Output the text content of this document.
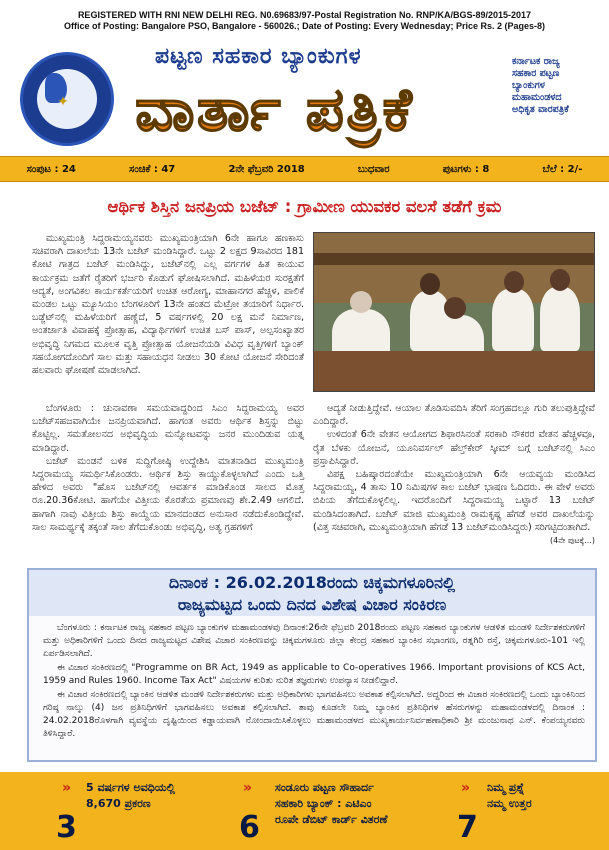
REGISTERED WITH RNI NEW DELHI REG. N0.69683/97-Postal Registration No. RNP/KA/BGS-89/2015-2017
Office of Posting: Bangalore PSO, Bangalore - 560026.; Date of Posting: Every Wednesday; Price Rs. 2 (Pages-8)
✦
ಪಟ್ಟಣ ಸಹಕಾರ ಬ್ಯಾಂಕುಗಳ
ವಾರ್ತಾ ಪತ್ರಿಕೆ
ಕರ್ನಾಟಕ ರಾಜ್ಯ
ಸಹಕಾರ ಪಟ್ಟಣ
ಬ್ಯಾಂಕುಗಳ
ಮಹಾಮಂಡಳದ
ಅಧಿಕೃತ ವಾರಪತ್ರಿಕೆ
ಸಂಪುಟ : 24	ಸಂಚಿಕೆ : 47	2ನೇ ಫೆಬ್ರವರಿ 2018	ಬುಧವಾರ	ಪುಟಗಳು : 8	ಬೆಲೆ : 2/-
ಆರ್ಥಿಕ ಶಿಸ್ತಿನ ಜನಪ್ರಿಯ ಬಜೆಟ್ : ಗ್ರಾಮೀಣ ಯುವಕರ ವಲಸೆ ತಡೆಗೆ ಕ್ರಮ

ಮುಖ್ಯಮಂತ್ರಿ ಸಿದ್ದರಾಮಯ್ಯನವರು ಮುಖ್ಯಮಂತ್ರಿಯಾಗಿ 6ನೇ ಹಾಗೂ ಹಣಕಾಸು ಸಚಿವರಾಗಿ ದಾಖಲೆಯ 13ನೇ ಬಜೆಟ್ ಮಂಡಿಸಿದ್ದಾರೆ. ಒಟ್ಟು 2 ಲಕ್ಷದ 9ಸಾವಿರದ 181 ಕೋಟಿ ಗಾತ್ರದ ಬಜೆಟ್ ಮಂಡಿಸಿದ್ದು, ಬಜೆಟ್‌ನಲ್ಲಿ ಎಲ್ಲ ವರ್ಗಗಳ ಹಿತ ಕಾಯುವ ಕಾರ್ಯಕ್ರಮ ಜತೆಗೆ ರೈತರಿಗೆ ಭರ್ಜರಿ ಕೊಡುಗೆ ಘೋಷಿಸಲಾಗಿದೆ. ಮಹಿಳೆಯರ ಸುರಕ್ಷತೆಗೆ ಆದ್ಯತೆ, ಅಂಗವಿಕಲ ಕಾರ್ಯಕರ್ತೆಯರಿಗೆ ಉಚಿತ ಆರೋಗ್ಯ, ಮಾಹಾನಗರ ಹೆಚ್ಚಳ, ಪಾಲಿಕೆ ಮಂಡಲ ಒಟ್ಟು ಮ್ಯೂಸಿಯಂ ಬೆಂಗಳೂರಿಗೆ 13ನೇ ಹಂತದ ಮೆಟ್ರೋ ತಯಾರಿಗೆ ನಿರ್ಧಾರ. ಬಡ್ಜೆಟ್‌ನಲ್ಲಿ ಮಹಿಳೆಯರಿಗೆ ಹಣ್ಣೆದೆ, 5 ವರ್ಷಗಳಲ್ಲಿ 20 ಲಕ್ಷ ಮನೆ ನಿರ್ಮಾಣ, ಅಂತರ್ಜಾತಿ ವಿವಾಹಕ್ಕೆ ಪ್ರೋತ್ಸಾಹ, ವಿದ್ಯಾರ್ಥಿಗಳಿಗೆ ಉಚಿತ ಬಸ್ ಪಾಸ್, ಅಲ್ಪಸಂಖ್ಯಾತರ ಅಭಿವೃದ್ಧಿ ನಿಗಮದ ಮೂಲಕ ವೃತ್ತಿ ಪ್ರೋತ್ಸಾಹ ಯೋಜನೆಯಡಿ ವಿವಿಧ ವೃತ್ತಿಗಳಿಗೆ ಬ್ಯಾಂಕ್ ಸಹಯೋಗದೊಂದಿಗೆ ಸಾಲ ಮತ್ತು ಸಹಾಯಧನ ನೀಡಲು 30 ಕೋಟಿ ಯೋಜನೆ ಸೇರಿದಂತೆ ಹಲವಾರು ಘೋಷಣೆ ಮಾಡಲಾಗಿದೆ.

ಬೆಂಗಳೂರು : ಚುನಾವಣಾ ಸಮಯವಾದ್ದರಿಂದ ಸಿಎಂ ಸಿದ್ದರಾಮಯ್ಯ ಅವರ ಬಜೆಟ್‌ಸಹಜವಾಗಿಯೇ ಜನಪ್ರಿಯವಾಗಿದೆ. ಹಾಗಂತ ಅವರು ಆರ್ಥಿಕ ಶಿಸ್ತನ್ನು ಬಿಟ್ಟು ಕೊಟ್ಟಿಲ್ಲ. ಸಮತೋಲನದ ಅಭಿವೃದ್ಧಿಯ ಮನ್ನೋಟವನ್ನು ಜನರ ಮುಂದಿಡುವ ಯತ್ನ ಮಾಡಿದ್ದಾರೆ.

ಬಜೆಟ್ ಮಂಡನೆ ಬಳಿಕ ಸುದ್ದಿಗೋಷ್ಠಿ ಉದ್ದೇಶಿಸಿ ಮಾತನಾಡಿದ ಮುಖ್ಯಮಂತ್ರಿ ಸಿದ್ದರಾಮಯ್ಯ ಸಮರ್ಥಿಸಿಕೊಂಡರು. ಆರ್ಥಿಕ ಶಿಸ್ತು ಕಾಯ್ದುಕೊಳ್ಳಲಾಗಿದೆ ಎಂದು ಒತ್ತಿ ಹೇಳಿದ ಅವರು "ಹೊಸ ಬಜೆಟ್‌ನಲ್ಲಿ ಆವರ್ತಕ ಮಾಡಿಕೊಂಡ ಸಾಲದ ಮೊತ್ತ ರೂ.20.36ಕೋಟಿ. ಹಾಗೆಯೇ ವಿತ್ತೀಯ ಕೊರತೆಯ ಪ್ರಮಾಣವು ಶೇ.2.49 ಆಗಲಿದೆ. ಹಾಗಾಗಿ ನಾವು ವಿತ್ತೀಯ ಶಿಸ್ತು ಕಾಯ್ದೆಯ ಮಾನದಂಡದ ಅನುಸಾರ ನಡೆದುಕೊಂಡಿದ್ದೇವೆ. ಸಾಲ ಸಾಮರ್ಥ್ಯಕ್ಕೆ ತಕ್ಕಂತೆ ಸಾಲ ತೆಗೆದುಕೊಂಡು ಅಭಿವೃದ್ಧಿ, ಅತ್ಯ ಗ್ರಹಗಳಿಗೆ

ಆದ್ಯತೆ ನೀಡುತ್ತಿದ್ದೇವೆ. ಆಯಾಲ ತೊಡಿಸುವದಿಸಿ ತೆರಿಗೆ ಸಂಗ್ರಹದಲ್ಲೂ ಗುರಿ ತಲುಪುತ್ತಿದ್ದೇವೆ ಎಂದಿದ್ದಾರೆ.

ಉಳಿದಂತೆ 6ನೇ ವೇತನ ಆಯೋಗದ ಶಿಫಾರಸಿನಂತೆ ಸರಕಾರಿ ನೌಕರರ ವೇತನ ಹೆಚ್ಚಳವೂ, ರೈತ ಬೆಳಕು ಯೋಜನೆ, ಯೂನಿವರ್ಸಲ್ ಹೆಲ್ತ್‌ಕೇರ್ ಸ್ಕೀಮ್ ಬಗ್ಗೆ ಬಜೆಟ್‌ನಲ್ಲಿ ಸಿಎಂ ಪ್ರಸ್ತಾಪಿಸಿದ್ದಾರೆ.

ವಿಪಕ್ಷ ಬಹಿಷ್ಕಾರದಂತೆಯೇ ಮುಖ್ಯಮಂತ್ರಿಯಾಗಿ 6ನೇ ಆಯವ್ಯಯ ಮಂಡಿಸಿದ ಸಿದ್ದರಾಮಯ್ಯ, 4 ತಾಸು 10 ನಿಮಿಷಗಳ ಕಾಲ ಬಜೆಟ್ ಭಾಷಣ ಓದಿದರು. ಈ ವೇಳೆ ಅವರು ಬಿಪಿಯ ತೆಗೆದುಕೊಳ್ಳಲಿಲ್ಲ. ಇದರೊಂದಿಗೆ ಸಿದ್ದರಾಮಯ್ಯ ಒಟ್ಟಾರೆ 13 ಬಜೆಟ್ ಮಂಡಿಸಿದಂತಾಗಿದೆ. ಬಜೆಟ್ ಮಾಜಿ ಮುಖ್ಯಮಂತ್ರಿ ರಾಮಕೃಷ್ಣ ಹೆಗಡೆ ಅವರ ದಾಖಲೆಯನ್ನು (ವಿತ್ತ ಸಚಿವರಾಗಿ, ಮುಖ್ಯಮಂತ್ರಿಯಾಗಿ ಹೆಗಡೆ 13 ಬಜೆಟ್‌ಮಂಡಿಸಿದ್ದರು) ಸರಿಗಟ್ಟಿದಂತಾಗಿದೆ.

(4ನೇ ಪುಟಕ್ಕೆ...)
ದಿನಾಂಕ : 26.02.2018ರಂದು ಚಿಕ್ಕಮಗಳೂರಿನಲ್ಲಿ
ರಾಜ್ಯಮಟ್ಟದ ಒಂದು ದಿನದ ವಿಶೇಷ ವಿಚಾರ ಸಂಕಿರಣ

ಬೆಂಗಳೂರು : ಕರ್ನಾಟಕ ರಾಜ್ಯ ಸಹಕಾರ ಪಟ್ಟಣ ಬ್ಯಾಂಕುಗಳ ಮಹಾಮಂಡಳವು ದಿನಾಂಕ:26ನೇ ಫೆಬ್ರವರಿ 2018ರಂದು ಪಟ್ಟಣ ಸಹಕಾರ ಬ್ಯಾಂಕುಗಳ ಆಡಳಿತ ಮಂಡಳಿ ನಿರ್ದೇಶಕರುಗಳಿಗೆ ಮತ್ತು ಅಧಿಕಾರಿಗಳಿಗೆ ಒಂದು ದಿನದ ರಾಜ್ಯಮಟ್ಟದ ವಿಶೇಷ ವಿಚಾರ ಸಂಕಿರಣವನ್ನು ಚಿಕ್ಕಮಗಳೂರು ಜಿಲ್ಲಾ ಕೇಂದ್ರ ಸಹಕಾರ ಬ್ಯಾಂಕಿನ ಸಭಾಂಗಣ, ರತ್ನಗಿರಿ ರಸ್ತೆ, ಚಿಕ್ಕಮಗಳೂರು-101 ಇಲ್ಲಿ ಏರ್ಪಡಿಸಲಾಗಿದೆ.

ಈ ವಿಚಾರ ಸಂಕಿರಣದಲ್ಲಿ "Programme on BR Act, 1949 as applicable to Co-operatives 1966. Important provisions of KCS Act, 1959 and Rules 1960. Income Tax Act" ವಿಷಯಗಳ ಕುರಿತು ನುರಿತ ತಜ್ಞರುಗಳು ಉಪನ್ಯಾಸ ನೀಡಲಿದ್ದಾರೆ.

ಈ ವಿಚಾರ ಸಂಕಿರಣದಲ್ಲಿ ಬ್ಯಾಂಕಿನ ಆಡಳಿತ ಮಂಡಳಿ ನಿರ್ದೇಶಕರುಗಳು ಮತ್ತು ಅಧಿಕಾರಿಗಳು ಭಾಗವಹಿಸಲು ಅವಕಾಶ ಕಲ್ಪಿಸಲಾಗಿದೆ. ಅದ್ದರಿಂದ ಈ ವಿಚಾರ ಸಂಕಿರಣದಲ್ಲಿ ಒಂದು ಬ್ಯಾಂಕಿನಿಂದ ಗರಿಷ್ಠ ನಾಲ್ಕು (4) ಜನ ಪ್ರತಿನಿಧಿಗಳಿಗೆ ಭಾಗವಹಿಸಲು ಅವಕಾಶ ಕಲ್ಪಿಸಲಾಗಿದೆ. ತಾವು ಕೂಡಲೇ ನಿಮ್ಮ ಬ್ಯಾಂಕಿನ ಪ್ರತಿನಿಧಿಗಳ ಹೆಸರುಗಳನ್ನು ಮಹಾಮಂಡಳದಲ್ಲಿ ದಿನಾಂಕ : 24.02.2018ರೊಳಗಾಗಿ ವ್ಯವಸ್ಥೆಯ ದೃಷ್ಟಿಯಿಂದ ಕಡ್ಡಾಯವಾಗಿ ನೋಂದಾಯಿಸಿಕೊಳ್ಳಲು ಮಹಾಮಂಡಳದ ಮುಖ್ಯಕಾರ್ಯನಿರ್ವಹಣಾಧಿಕಾರಿ ಶ್ರೀ ಮಂಜುನಾಥ ಎನ್. ಕೆಂಪಯ್ಯನವರು ತಿಳಿಸಿದ್ದಾರೆ.

»
3
5 ವರ್ಷಗಳ ಅವಧಿಯಲ್ಲಿ
8,670 ಪ್ರಕರಣ
»
6
ಸಂಡೂರು ಪಟ್ಟಣ ಸೌಹಾರ್ದ
ಸಹಕಾರಿ ಬ್ಯಾಂಕ್ : ಎಟಿಎಂ
ರೂಪೇ ಡೆಬಿಟ್ ಕಾರ್ಡ್ ವಿತರಣೆ
»
7
ನಿಮ್ಮ ಪ್ರಶ್ನೆ
ನಮ್ಮ ಉತ್ತರ
